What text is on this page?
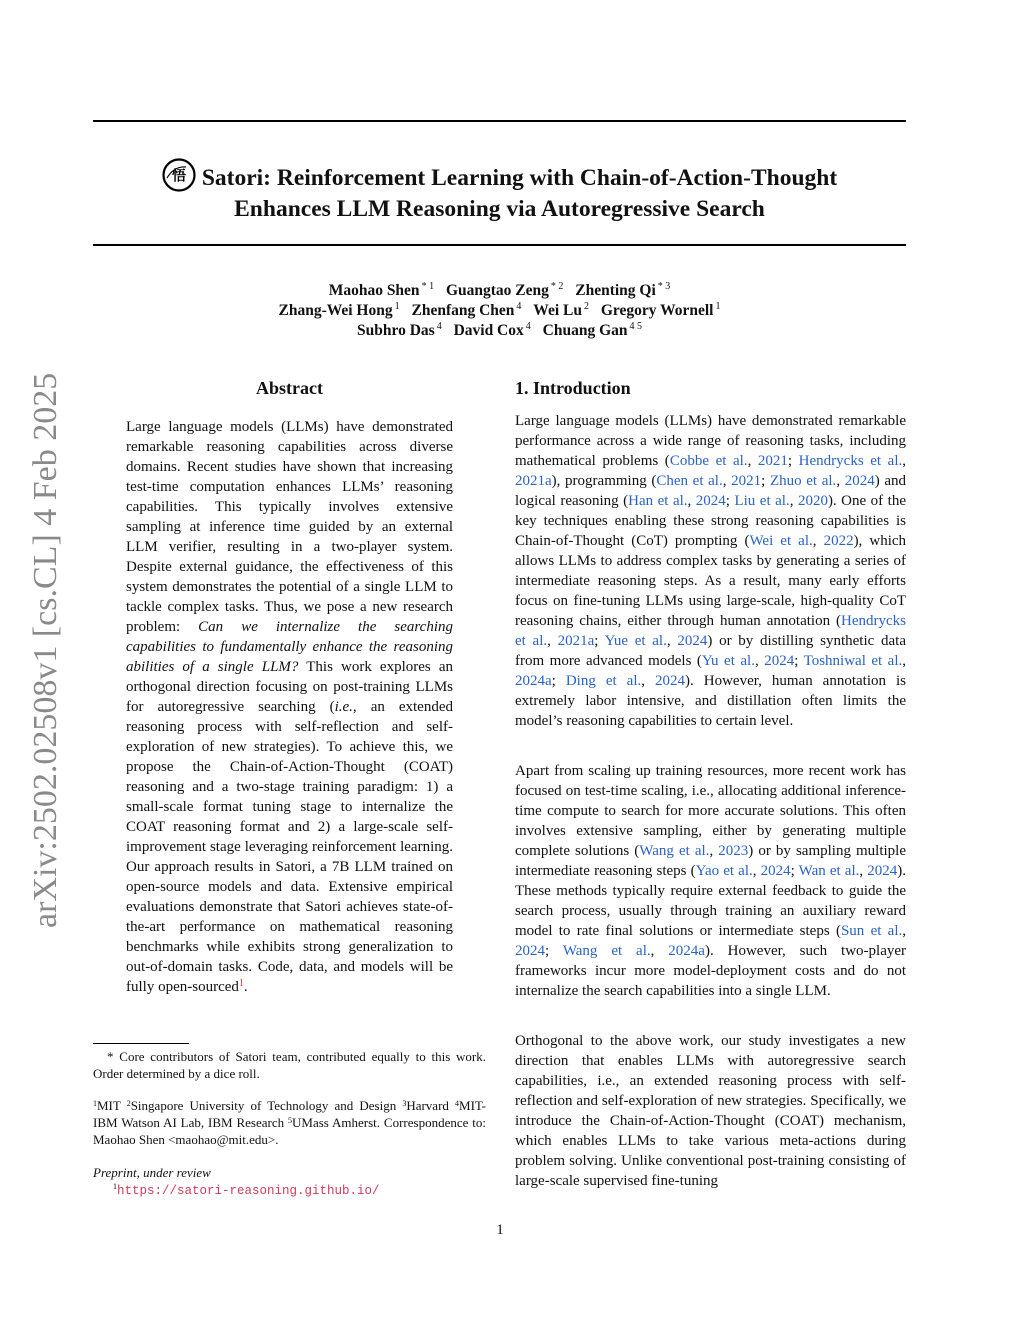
悟 Satori: Reinforcement Learning with Chain-of-Action-Thought
Enhances LLM Reasoning via Autoregressive Search
Maohao Shen $^{* 1}$ Guangtao Zeng $^{* 2}$ Zhenting Qi $^{* 3}$
Zhang-Wei Hong $^1$ Zhenfang Chen $^4$ Wei Lu $^2$ Gregory Wornell $^1$
Subhro Das $^4$ David Cox $^4$ Chuang Gan $^{4 5}$
arXiv:2502.02508v1 [cs.CL] 4 Feb 2025	Abstract
Large language models (LLMs) have demonstrated remarkable reasoning capabilities across diverse domains. Recent studies have shown that increasing test-time computation enhances LLMs’ reasoning capabilities. This typically involves extensive sampling at inference time guided by an external LLM verifier, resulting in a two-player system. Despite external guidance, the effectiveness of this system demonstrates the potential of a single LLM to tackle complex tasks. Thus, we pose a new research problem: Can we internalize the searching capabilities to fundamentally enhance the reasoning abilities of a single LLM? This work explores an orthogonal direction focusing on post-training LLMs for autoregressive searching (i.e., an extended reasoning process with self-reflection and self-exploration of new strategies). To achieve this, we propose the Chain-of-Action-Thought (COAT) reasoning and a two-stage training paradigm: 1) a small-scale format tuning stage to internalize the COAT reasoning format and 2) a large-scale self-improvement stage leveraging reinforcement learning. Our approach results in Satori, a 7B LLM trained on open-source models and data. Extensive empirical evaluations demonstrate that Satori achieves state-of-the-art performance on mathematical reasoning benchmarks while exhibits strong generalization to out-of-domain tasks. Code, data, and models will be fully open-sourced$^1$.
1. Introduction
Large language models (LLMs) have demonstrated remarkable performance across a wide range of reasoning tasks, including mathematical problems (Cobbe et al., 2021; Hendrycks et al., 2021a), programming (Chen et al., 2021; Zhuo et al., 2024) and logical reasoning (Han et al., 2024; Liu et al., 2020). One of the key techniques enabling these strong reasoning capabilities is Chain-of-Thought (CoT) prompting (Wei et al., 2022), which allows LLMs to address complex tasks by generating a series of intermediate reasoning steps. As a result, many early efforts focus on fine-tuning LLMs using large-scale, high-quality CoT reasoning chains, either through human annotation (Hendrycks et al., 2021a; Yue et al., 2024) or by distilling synthetic data from more advanced models (Yu et al., 2024; Toshniwal et al., 2024a; Ding et al., 2024). However, human annotation is extremely labor intensive, and distillation often limits the model’s reasoning capabilities to certain level.
Apart from scaling up training resources, more recent work has focused on test-time scaling, i.e., allocating additional inference-time compute to search for more accurate solutions. This often involves extensive sampling, either by generating multiple complete solutions (Wang et al., 2023) or by sampling multiple intermediate reasoning steps (Yao et al., 2024; Wan et al., 2024). These methods typically require external feedback to guide the search process, usually through training an auxiliary reward model to rate final solutions or intermediate steps (Sun et al., 2024; Wang et al., 2024a). However, such two-player frameworks incur more model-deployment costs and do not internalize the search capabilities into a single LLM.
Orthogonal to the above work, our study investigates a new direction that enables LLMs with autoregressive search capabilities, i.e., an extended reasoning process with self-reflection and self-exploration of new strategies. Specifically, we introduce the Chain-of-Action-Thought (COAT) mechanism, which enables LLMs to take various meta-actions during problem solving. Unlike conventional post-training consisting of large-scale supervised fine-tuning
* Core contributors of Satori team, contributed equally to this work. Order determined by a dice roll.
$^1$MIT $^2$Singapore University of Technology and Design $^3$Harvard $^4$MIT-IBM Watson AI Lab, IBM Research $^5$UMass Amherst. Correspondence to: Maohao Shen <maohao@mit.edu>.
Preprint, under review
$^1$https://satori-reasoning.github.io/
1
